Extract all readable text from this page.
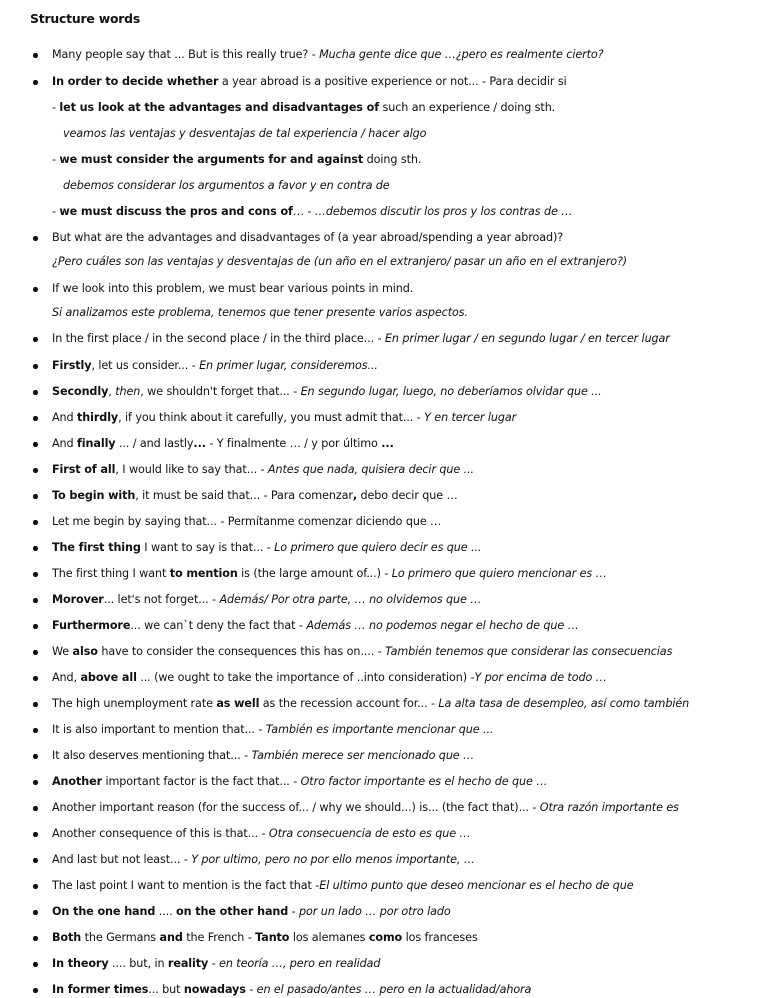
Structure words
Many people say that ... But is this really true? - Mucha gente dice que …¿pero es realmente cierto?
In order to decide whether a year abroad is a positive experience or not... - Para decidir si
- let us look at the advantages and disadvantages of such an experience / doing sth.
veamos las ventajas y desventajas de tal experiencia / hacer algo
- we must consider the arguments for and against doing sth.
debemos considerar los argumentos a favor y en contra de
- we must discuss the pros and cons of… - …debemos discutir los pros y los contras de …
But what are the advantages and disadvantages of (a year abroad/spending a year abroad)?
¿Pero cuáles son las ventajas y desventajas de (un año en el extranjero/ pasar un año en el extranjero?)
If we look into this problem, we must bear various points in mind.
Si analizamos este problema, tenemos que tener presente varios aspectos.
In the first place / in the second place / in the third place... - En primer lugar / en segundo lugar / en tercer lugar
Firstly, let us consider... - En primer lugar, consideremos...
Secondly, then, we shouldn't forget that... - En segundo lugar, luego, no deberíamos olvidar que ...
And thirdly, if you think about it carefully, you must admit that... - Y en tercer lugar
And finally ... / and lastly... - Y finalmente … / y por último ...
First of all, I would like to say that... - Antes que nada, quisiera decir que ...
To begin with, it must be said that... - Para comenzar, debo decir que …
Let me begin by saying that... - Permítanme comenzar diciendo que …
The first thing I want to say is that... - Lo primero que quiero decir es que ...
The first thing I want to mention is (the large amount of...) - Lo primero que quiero mencionar es …
Morover... let's not forget... - Además/ Por otra parte, … no olvidemos que …
Furthermore... we can`t deny the fact that - Además … no podemos negar el hecho de que …
We also have to consider the consequences this has on.... - También tenemos que considerar las consecuencias
And, above all ... (we ought to take the importance of ..into consideration) -Y por encima de todo …
The high unemployment rate as well as the recession account for... - La alta tasa de desempleo, así como también
It is also important to mention that... - También es importante mencionar que ...
It also deserves mentioning that... - También merece ser mencionado que …
Another important factor is the fact that... - Otro factor importante es el hecho de que …
Another important reason (for the success of... / why we should...) is... (the fact that)... - Otra razón importante es
Another consequence of this is that... - Otra consecuencia de esto es que …
And last but not least... - Y por ultimo, pero no por ello menos importante, …
The last point I want to mention is the fact that -El ultimo punto que deseo mencionar es el hecho de que
On the one hand .... on the other hand - por un lado … por otro lado
Both the Germans and the French - Tanto los alemanes como los franceses
In theory .... but, in reality - en teoría …, pero en realidad
In former times... but nowadays - en el pasado/antes … pero en la actualidad/ahora
